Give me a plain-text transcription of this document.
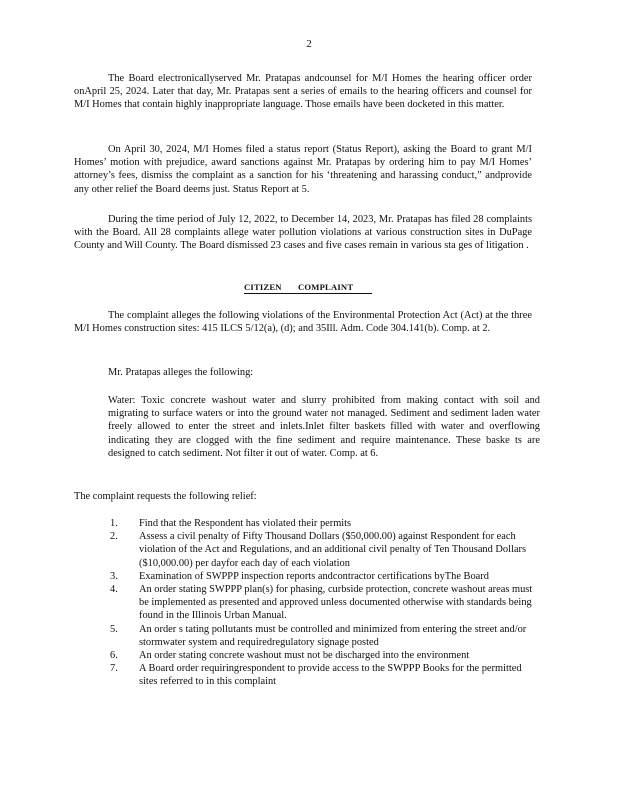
2

The Board electronicallyserved Mr. Pratapas andcounsel for M/I Homes the hearing officer order onApril 25, 2024. Later that day, Mr. Pratapas sent a series of emails to the hearing officers and counsel for M/I Homes that contain highly inappropriate language. Those emails have been docketed in this matter.

On April 30, 2024, M/I Homes filed a status report (Status Report), asking the Board to grant M/I Homes’ motion with prejudice, award sanctions against Mr. Pratapas by ordering him to pay M/I Homes’ attorney’s fees, dismiss the complaint as a sanction for his ‘threatening and harassing conduct,” andprovide any other relief the Board deems just. Status Report at 5.

During the time period of July 12, 2022, to December 14, 2023, Mr. Pratapas has filed 28 complaints with the Board. All 28 complaints allege water pollution violations at various construction sites in DuPage County and Will County. The Board dismissed 23 cases and five cases remain in various sta ges of litigation .

CITIZEN COMPLAINT

The complaint alleges the following violations of the Environmental Protection Act (Act) at the three M/I Homes construction sites: 415 ILCS 5/12(a), (d); and 35Ill. Adm. Code 304.141(b). Comp. at 2.

Mr. Pratapas alleges the following:

Water: Toxic concrete washout water and slurry prohibited from making contact with soil and migrating to surface waters or into the ground water not managed. Sediment and sediment laden water freely allowed to enter the street and inlets.Inlet filter baskets filled with water and overflowing indicating they are clogged with the fine sediment and require maintenance. These baske ts are designed to catch sediment. Not filter it out of water. Comp. at 6.

The complaint requests the following relief:

1. Find that the Respondent has violated their permits
2. Assess a civil penalty of Fifty Thousand Dollars ($50,000.00) against Respondent for each violation of the Act and Regulations, and an additional civil penalty of Ten Thousand Dollars ($10,000.00) per dayfor each day of each violation
3. Examination of SWPPP inspection reports andcontractor certifications byThe Board
4. An order stating SWPPP plan(s) for phasing, curbside protection, concrete washout areas must be implemented as presented and approved unless documented otherwise with standards being found in the Illinois Urban Manual.
5. An order s tating pollutants must be controlled and minimized from entering the street and/or stormwater system and requiredregulatory signage posted
6. An order stating concrete washout must not be discharged into the environment
7. A Board order requiringrespondent to provide access to the SWPPP Books for the permitted sites referred to in this complaint
